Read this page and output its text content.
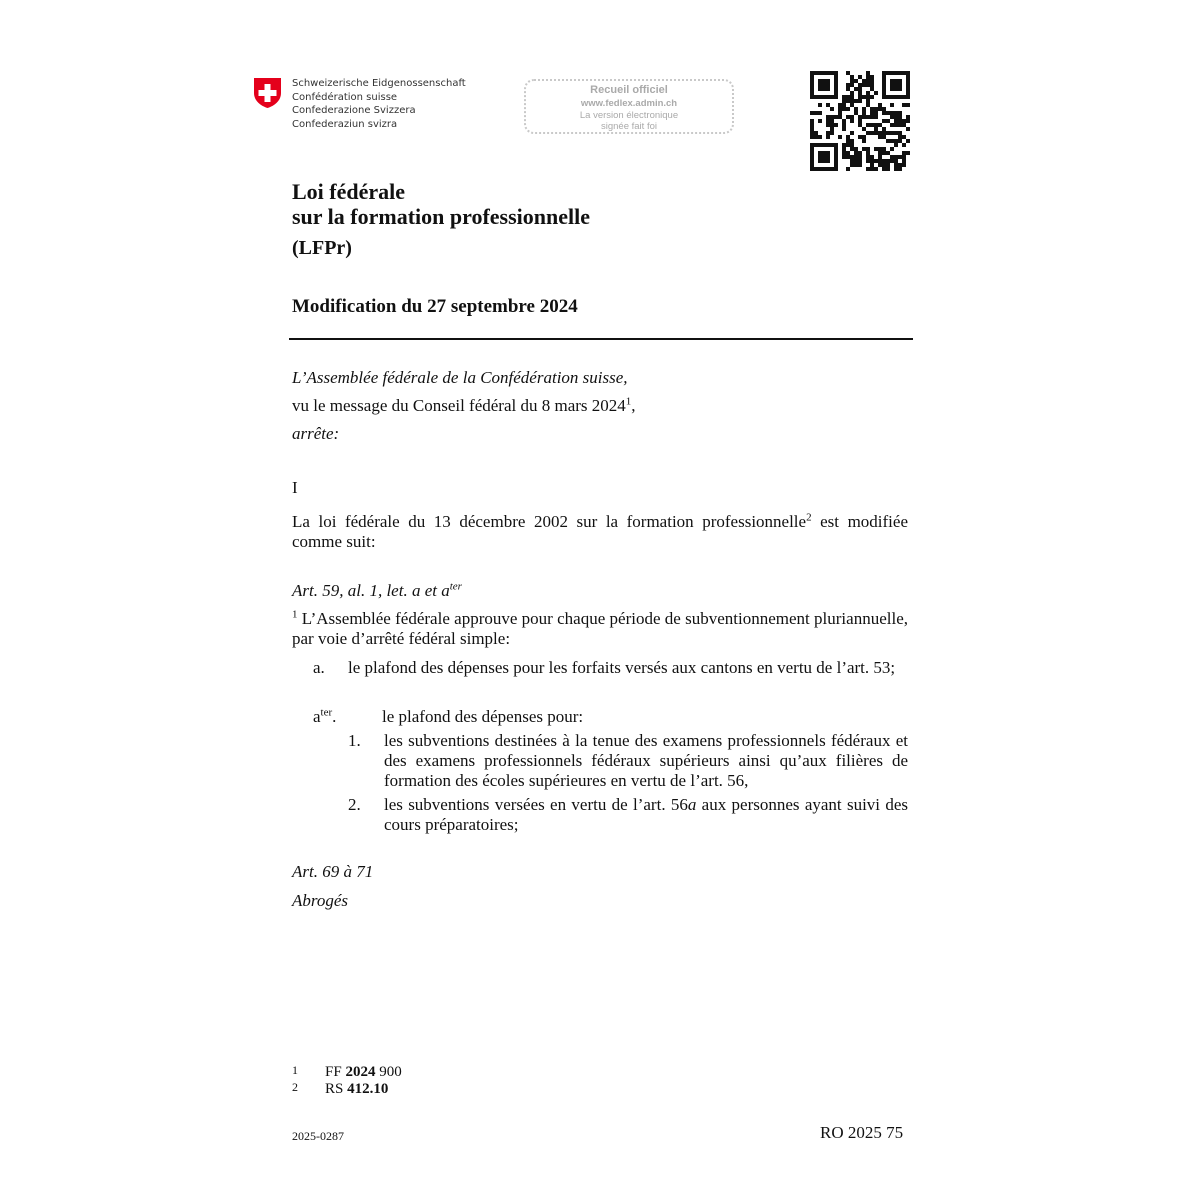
Schweizerische Eidgenossenschaft
Confédération suisse
Confederazione Svizzera
Confederaziun svizra
Recueil officiel
www.fedlex.admin.ch
La version électronique
signée fait foi
Loi fédérale
sur la formation professionnelle
(LFPr)
Modification du 27 septembre 2024
L’Assemblée fédérale de la Confédération suisse,
vu le message du Conseil fédéral du 8 mars 2024$^1$,
arrête:
I
La loi fédérale du 13 décembre 2002 sur la formation professionnelle$^2$ est modifiée comme suit:
Art. 59, al. 1, let. a et $a^{ter}$
$^1$ L’Assemblée fédérale approuve pour chaque période de subventionnement pluriannuelle, par voie d’arrêté fédéral simple:
a. le plafond des dépenses pour les forfaits versés aux cantons en vertu de l’art. 53;
$a^{ter}$.	le plafond des dépenses pour:
1. les subventions destinées à la tenue des examens professionnels fédéraux et des examens professionnels fédéraux supérieurs ainsi qu’aux filières de formation des écoles supérieures en vertu de l’art. 56,
2. les subventions versées en vertu de l’art. 56a aux personnes ayant suivi des cours préparatoires;
Art. 69 à 71
Abrogés
1 FF 2024 900
2 RS 412.10
2025-0287	RO 2025 75
